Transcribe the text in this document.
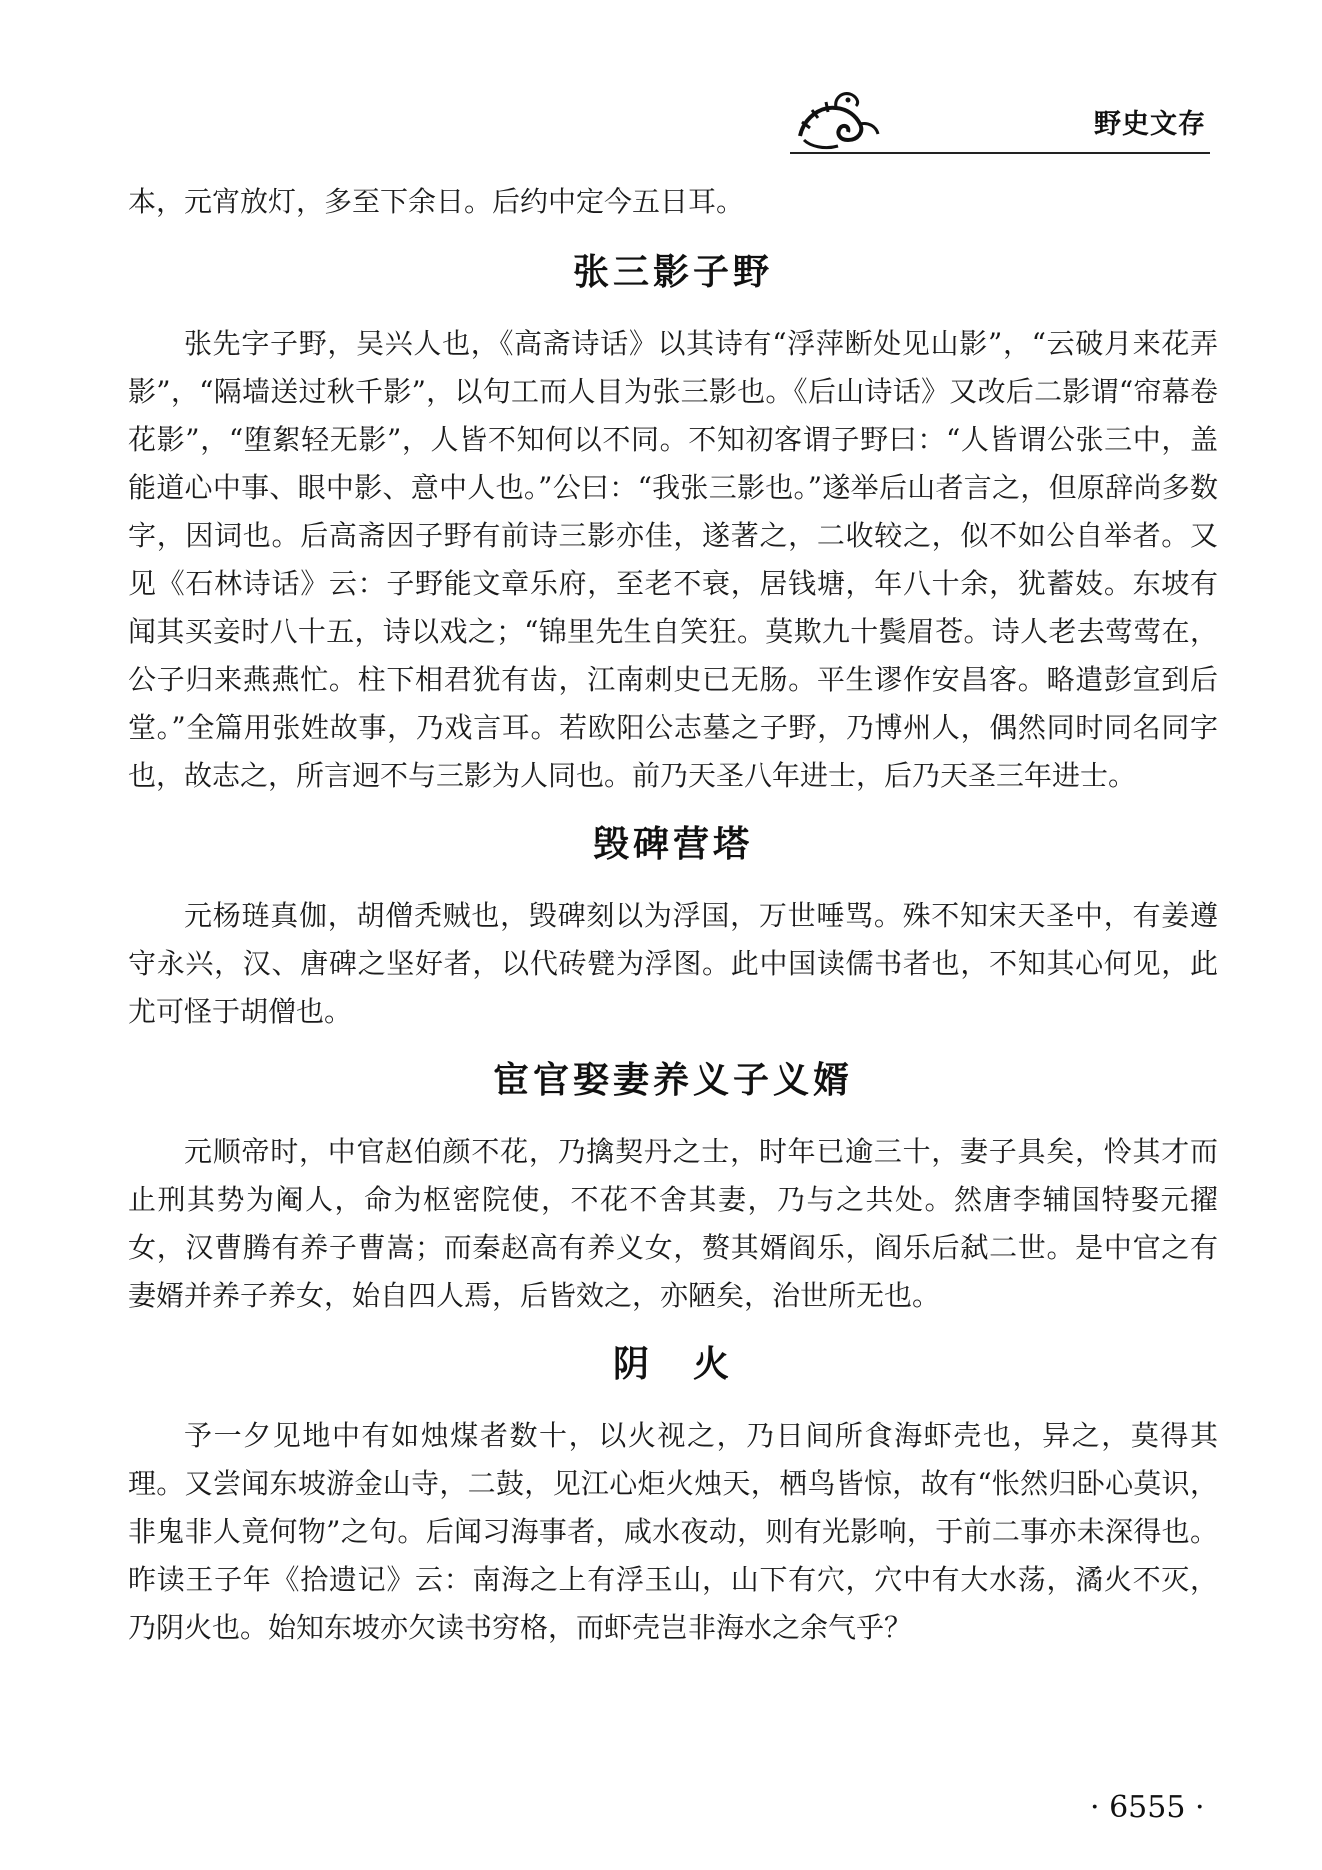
野史文存

本，元宵放灯，多至下余日。后约中定今五日耳。

张三影子野

张先字子野，吴兴人也，《高斋诗话》以其诗有“浮萍断处见山影”，“云破月来花弄影”，“隔墙送过秋千影”，以句工而人目为张三影也。《后山诗话》又改后二影谓“帘幕卷花影”，“堕絮轻无影”，人皆不知何以不同。不知初客谓子野曰：“人皆谓公张三中，盖能道心中事、眼中影、意中人也。”公曰：“我张三影也。”遂举后山者言之，但原辞尚多数字，因词也。后高斋因子野有前诗三影亦佳，遂著之，二收较之，似不如公自举者。又见《石林诗话》云：子野能文章乐府，至老不衰，居钱塘，年八十余，犹蓄妓。东坡有闻其买妾时八十五，诗以戏之；“锦里先生自笑狂。莫欺九十鬓眉苍。诗人老去莺莺在，公子归来燕燕忙。柱下相君犹有齿，江南刺史已无肠。平生谬作安昌客。略遣彭宣到后堂。”全篇用张姓故事，乃戏言耳。若欧阳公志墓之子野，乃博州人，偶然同时同名同字也，故志之，所言迥不与三影为人同也。前乃天圣八年进士，后乃天圣三年进士。

毁碑营塔

元杨琏真伽，胡僧秃贼也，毁碑刻以为浮国，万世唾骂。殊不知宋天圣中，有姜遵守永兴，汉、唐碑之坚好者，以代砖甓为浮图。此中国读儒书者也，不知其心何见，此尤可怪于胡僧也。

宦官娶妻养义子义婿

元顺帝时，中官赵伯颜不花，乃擒契丹之士，时年已逾三十，妻子具矣，怜其才而止刑其势为阉人，命为枢密院使，不花不舍其妻，乃与之共处。然唐李辅国特娶元擢女，汉曹腾有养子曹嵩；而秦赵高有养义女，赘其婿阎乐，阎乐后弑二世。是中官之有妻婿并养子养女，始自四人焉，后皆效之，亦陋矣，治世所无也。

阴　火

予一夕见地中有如烛煤者数十，以火视之，乃日间所食海虾壳也，异之，莫得其理。又尝闻东坡游金山寺，二鼓，见江心炬火烛天，栖鸟皆惊，故有“怅然归卧心莫识，非鬼非人竟何物”之句。后闻习海事者，咸水夜动，则有光影响，于前二事亦未深得也。昨读王子年《拾遗记》云：南海之上有浮玉山，山下有穴，穴中有大水荡，潏火不灭，乃阴火也。始知东坡亦欠读书穷格，而虾壳岂非海水之余气乎？

· 6555 ·
